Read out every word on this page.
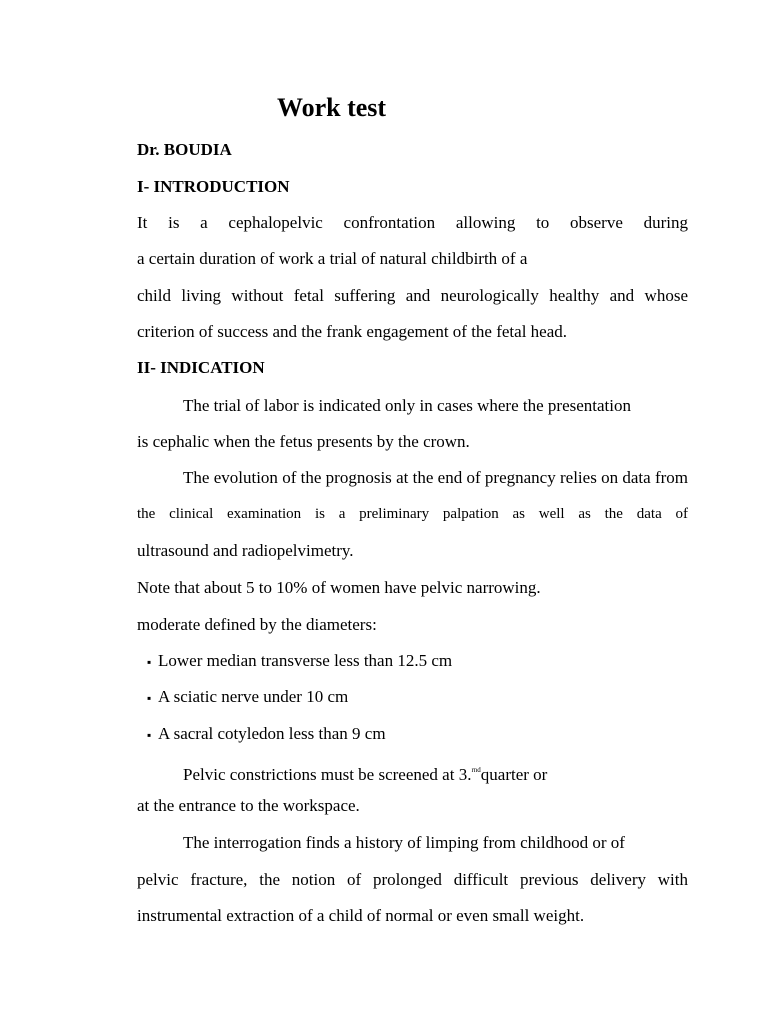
Work test
Dr. BOUDIA
I- INTRODUCTION
It is a cephalopelvic confrontation allowing to observe during
a certain duration of work a trial of natural childbirth of a
child living without fetal suffering and neurologically healthy and whose
criterion of success and the frank engagement of the fetal head.
II- INDICATION
The trial of labor is indicated only in cases where the presentation
is cephalic when the fetus presents by the crown.
The evolution of the prognosis at the end of pregnancy relies on data from
the clinical examination is a preliminary palpation as well as the data of
ultrasound and radiopelvimetry.
Note that about 5 to 10% of women have pelvic narrowing.
moderate defined by the diameters:
▪ Lower median transverse less than 12.5 cm
▪ A sciatic nerve under 10 cm
▪ A sacral cotyledon less than 9 cm
Pelvic constrictions must be screened at 3.$^{rnd}$quarter or
at the entrance to the workspace.
The interrogation finds a history of limping from childhood or of
pelvic fracture, the notion of prolonged difficult previous delivery with
instrumental extraction of a child of normal or even small weight.
